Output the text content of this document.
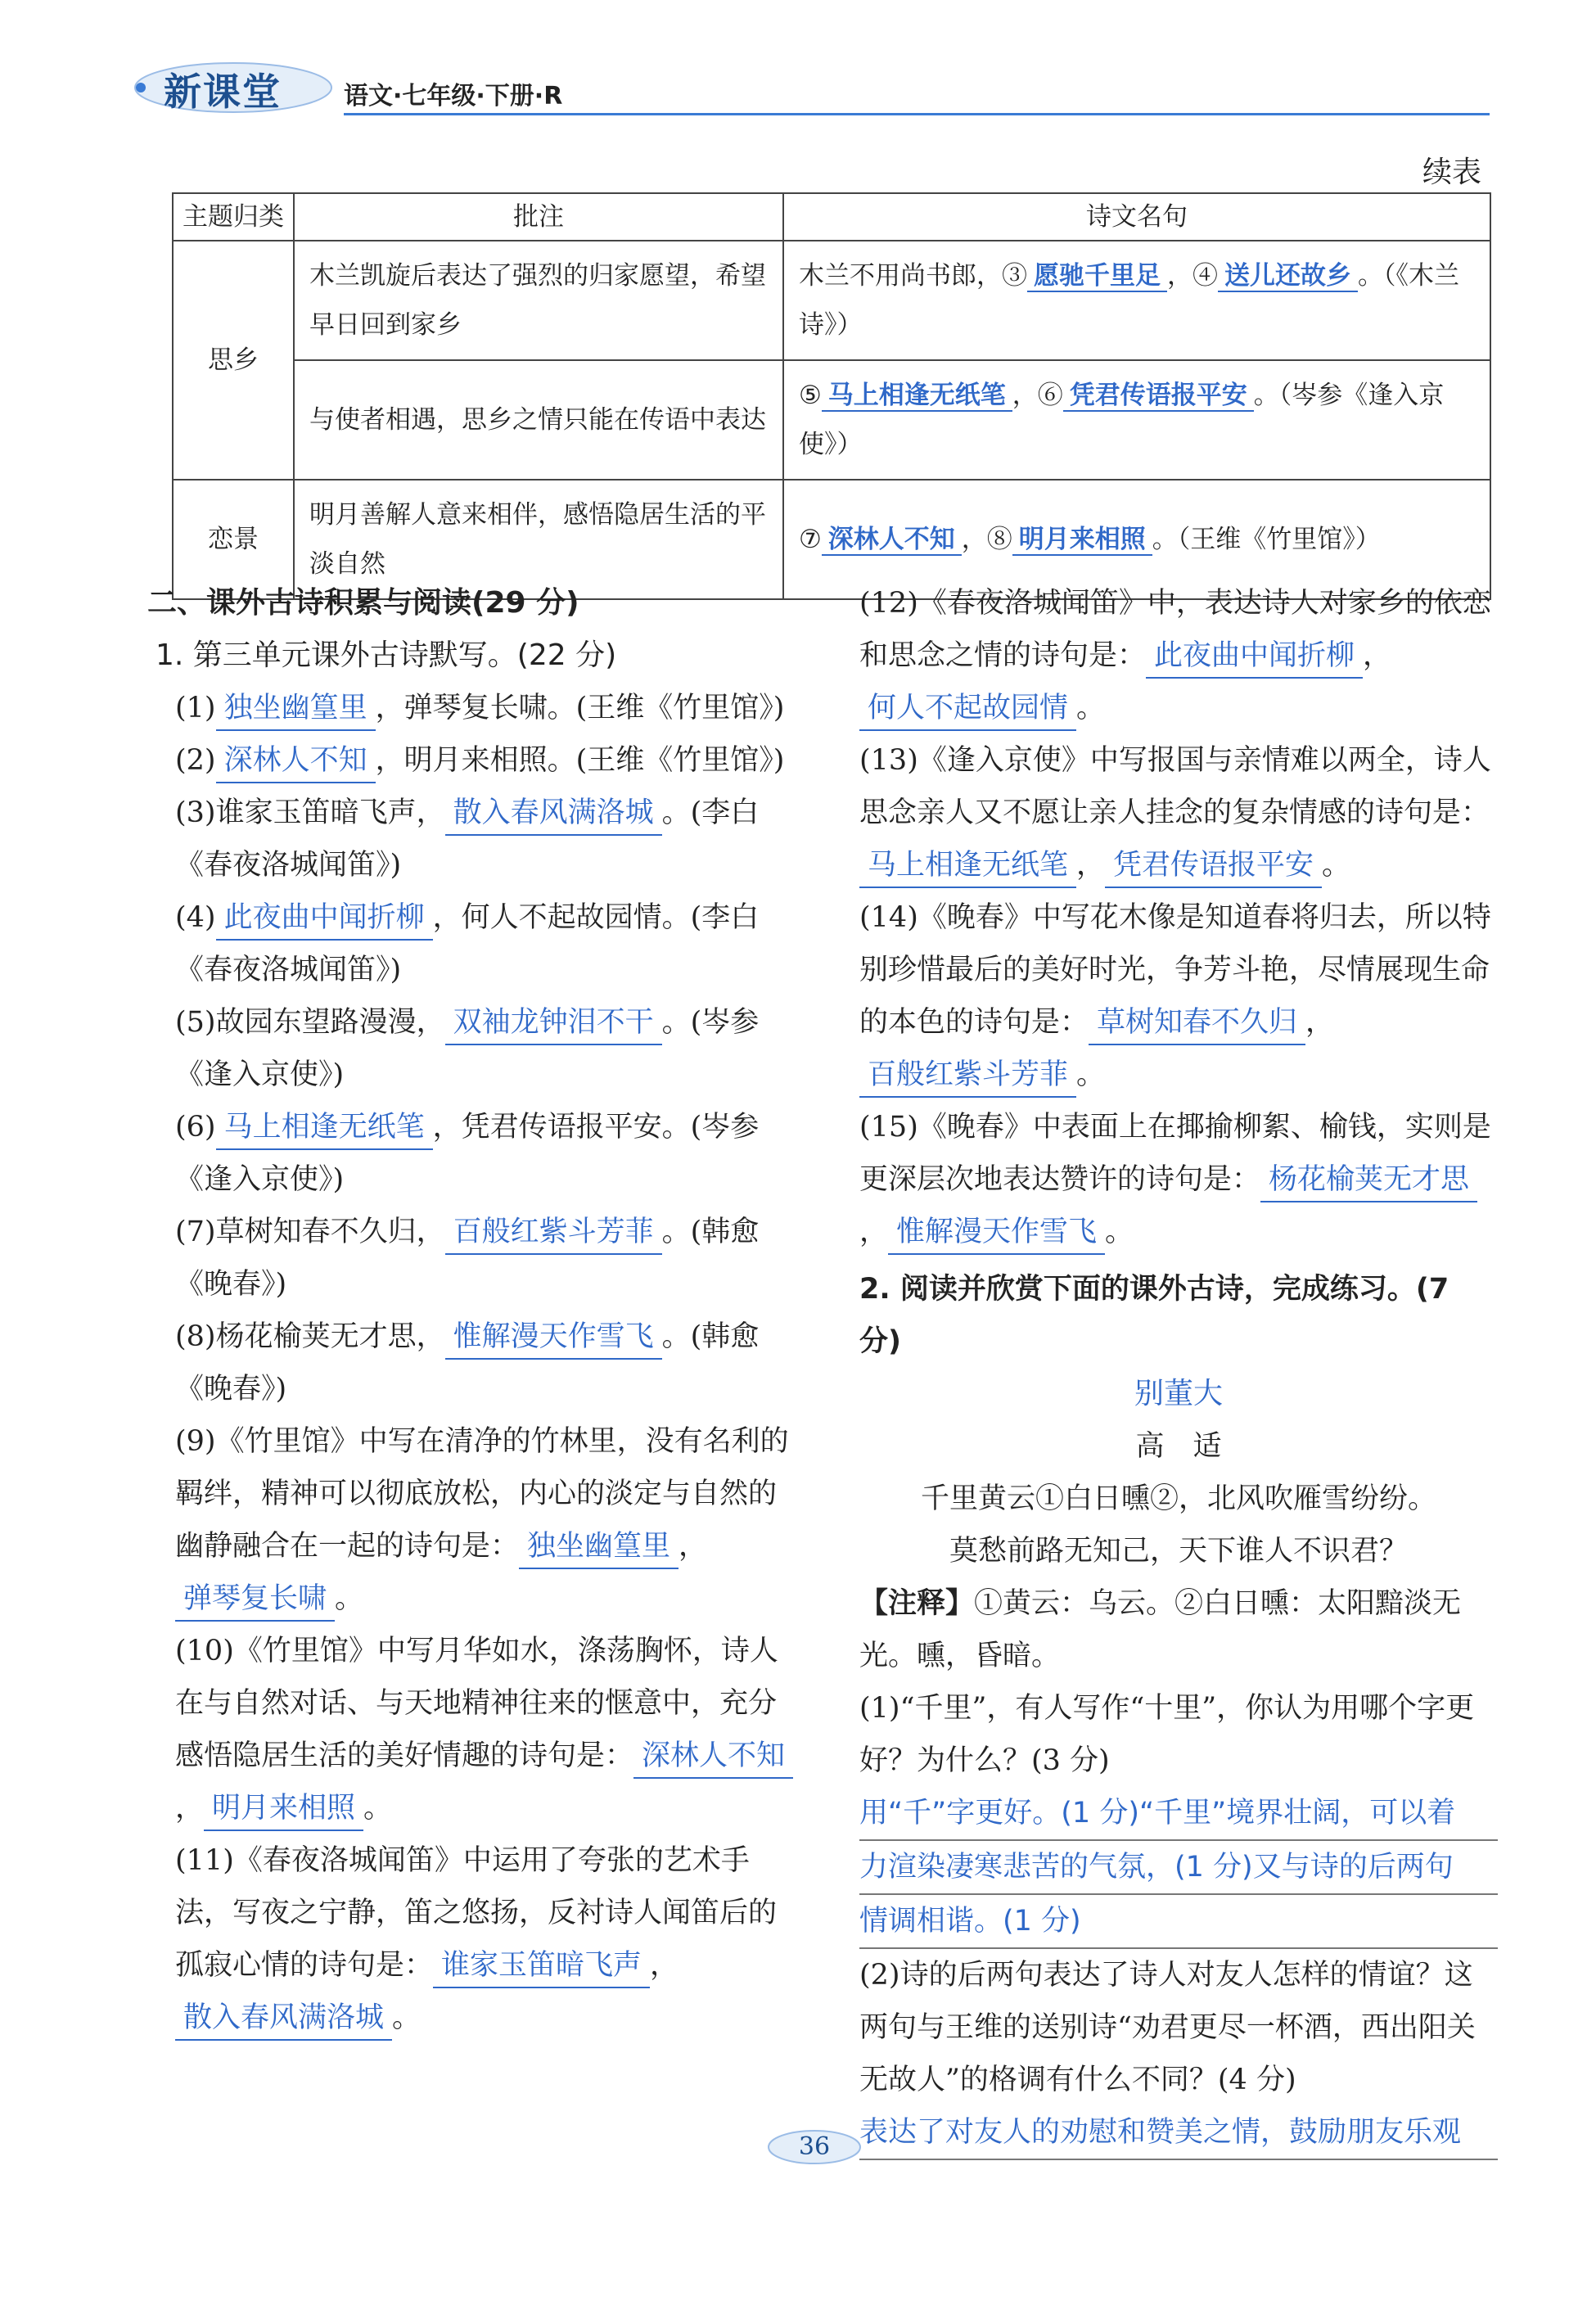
新课堂	语文·七年级·下册·R
续表
主题归类	批注	诗文名句
思乡	木兰凯旋后表达了强烈的归家愿望，希望早日回到家乡	木兰不用尚书郎，③ 愿驰千里足 ，④ 送儿还故乡 。（《木兰诗》）
	与使者相遇，思乡之情只能在传语中表达	⑤ 马上相逢无纸笔 ，⑥ 凭君传语报平安 。（岑参《逢入京使》）
恋景	明月善解人意来相伴，感悟隐居生活的平淡自然	⑦ 深林人不知 ，⑧ 明月来相照 。（王维《竹里馆》）
二、课外古诗积累与阅读(29 分)
1. 第三单元课外古诗默写。(22 分)
(1) 独坐幽篁里 ，弹琴复长啸。(王维《竹里馆》)
(2) 深林人不知 ，明月来相照。(王维《竹里馆》)
(3)谁家玉笛暗飞声， 散入春风满洛城 。(李白《春夜洛城闻笛》)
(4) 此夜曲中闻折柳 ，何人不起故园情。(李白《春夜洛城闻笛》)
(5)故园东望路漫漫， 双袖龙钟泪不干 。(岑参《逢入京使》)
(6) 马上相逢无纸笔 ，凭君传语报平安。(岑参《逢入京使》)
(7)草树知春不久归， 百般红紫斗芳菲 。(韩愈《晚春》)
(8)杨花榆荚无才思， 惟解漫天作雪飞 。(韩愈《晚春》)
(9)《竹里馆》中写在清净的竹林里，没有名利的羁绊，精神可以彻底放松，内心的淡定与自然的幽静融合在一起的诗句是： 独坐幽篁里 ，弹琴复长啸 。
(10)《竹里馆》中写月华如水，涤荡胸怀，诗人在与自然对话、与天地精神往来的惬意中，充分感悟隐居生活的美好情趣的诗句是： 深林人不知， 明月来相照 。
(11)《春夜洛城闻笛》中运用了夸张的艺术手法，写夜之宁静，笛之悠扬，反衬诗人闻笛后的孤寂心情的诗句是： 谁家玉笛暗飞声 ，散入春风满洛城 。
(12)《春夜洛城闻笛》中，表达诗人对家乡的依恋和思念之情的诗句是： 此夜曲中闻折柳 ，何人不起故园情 。
(13)《逢入京使》中写报国与亲情难以两全，诗人思念亲人又不愿让亲人挂念的复杂情感的诗句是：马上相逢无纸笔 ， 凭君传语报平安 。
(14)《晚春》中写花木像是知道春将归去，所以特别珍惜最后的美好时光，争芳斗艳，尽情展现生命的本色的诗句是： 草树知春不久归 ，百般红紫斗芳菲 。
(15)《晚春》中表面上在揶揄柳絮、榆钱，实则是更深层次地表达赞许的诗句是： 杨花榆荚无才思， 惟解漫天作雪飞 。
2. 阅读并欣赏下面的课外古诗，完成练习。(7 分)
别董大
高　适
千里黄云①白日曛②，北风吹雁雪纷纷。
莫愁前路无知己，天下谁人不识君？
【注释】①黄云：乌云。②白日曛：太阳黯淡无光。曛，昏暗。
(1)“千里”，有人写作“十里”，你认为用哪个字更好？为什么？(3 分)
用“千”字更好。(1 分)“千里”境界壮阔，可以着
力渲染凄寒悲苦的气氛，(1 分)又与诗的后两句
情调相谐。(1 分)
(2)诗的后两句表达了诗人对友人怎样的情谊？这两句与王维的送别诗“劝君更尽一杯酒，西出阳关无故人”的格调有什么不同？(4 分)
表达了对友人的劝慰和赞美之情，鼓励朋友乐观
36
